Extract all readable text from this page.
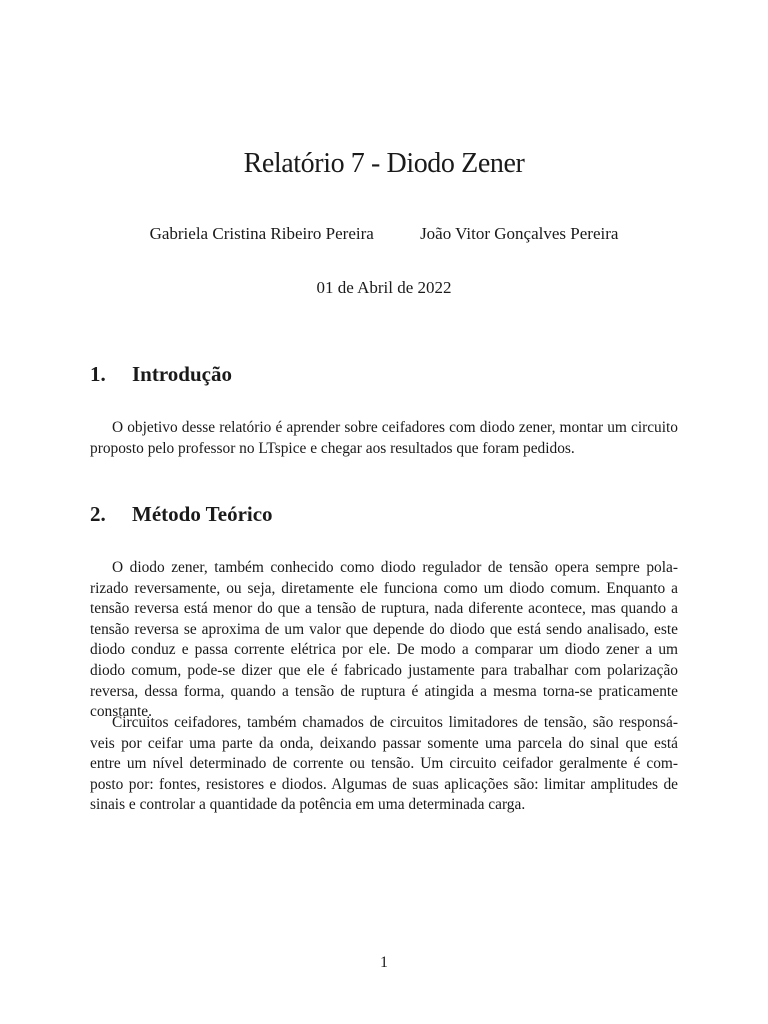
Relatório 7 - Diodo Zener
Gabriela Cristina Ribeiro Pereira	João Vitor Gonçalves Pereira
01 de Abril de 2022
1. Introdução

O objetivo desse relatório é aprender sobre ceifadores com diodo zener, montar um circuito
proposto pelo professor no LTspice e chegar aos resultados que foram pedidos.

2. Método Teórico

O diodo zener, também conhecido como diodo regulador de tensão opera sempre pola-
rizado reversamente, ou seja, diretamente ele funciona como um diodo comum. Enquanto a
tensão reversa está menor do que a tensão de ruptura, nada diferente acontece, mas quando a
tensão reversa se aproxima de um valor que depende do diodo que está sendo analisado, este
diodo conduz e passa corrente elétrica por ele. De modo a comparar um diodo zener a um
diodo comum, pode-se dizer que ele é fabricado justamente para trabalhar com polarização
reversa, dessa forma, quando a tensão de ruptura é atingida a mesma torna-se praticamente
constante.

Circuitos ceifadores, também chamados de circuitos limitadores de tensão, são responsá-
veis por ceifar uma parte da onda, deixando passar somente uma parcela do sinal que está
entre um nível determinado de corrente ou tensão. Um circuito ceifador geralmente é com-
posto por: fontes, resistores e diodos. Algumas de suas aplicações são: limitar amplitudes de
sinais e controlar a quantidade da potência em uma determinada carga.

1
